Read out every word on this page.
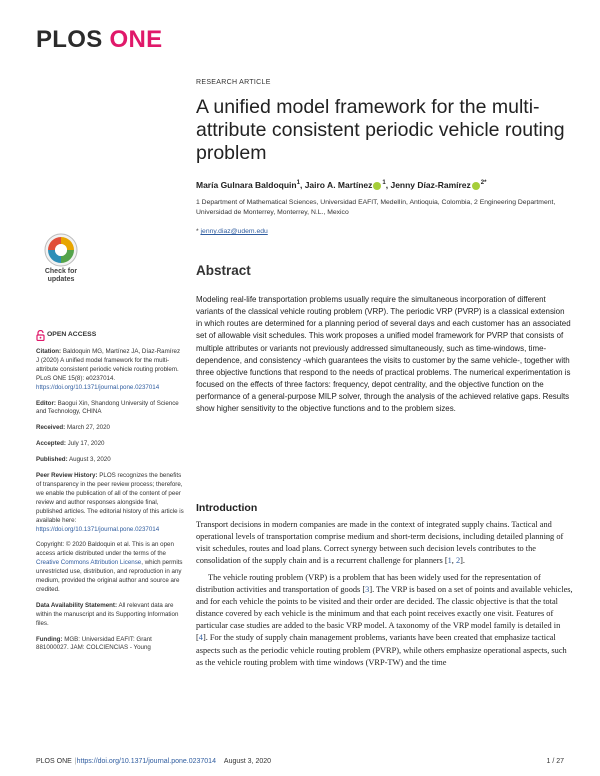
PLOS ONE
RESEARCH ARTICLE
A unified model framework for the multi-attribute consistent periodic vehicle routing problem
María Gulnara Baldoquin$^1$, Jairo A. Martínez $^1$, Jenny Díaz-Ramírez $^{2*}$
1 Department of Mathematical Sciences, Universidad EAFIT, Medellín, Antioquia, Colombia, 2 Engineering Department, Universidad de Monterrey, Monterrey, N.L., Mexico
* jenny.diaz@udem.edu
Check for
updates
OPEN ACCESS
Citation: Baldoquin MG, Martínez JA, Díaz-Ramírez J (2020) A unified model framework for the multi-attribute consistent periodic vehicle routing problem. PLoS ONE 15(8): e0237014. https://doi.org/10.1371/journal.pone.0237014
Editor: Baogui Xin, Shandong University of Science and Technology, CHINA
Received: March 27, 2020
Accepted: July 17, 2020
Published: August 3, 2020
Peer Review History: PLOS recognizes the benefits of transparency in the peer review process; therefore, we enable the publication of all of the content of peer review and author responses alongside final, published articles. The editorial history of this article is available here: https://doi.org/10.1371/journal.pone.0237014
Copyright: © 2020 Baldoquin et al. This is an open access article distributed under the terms of the Creative Commons Attribution License, which permits unrestricted use, distribution, and reproduction in any medium, provided the original author and source are credited.
Data Availability Statement: All relevant data are within the manuscript and its Supporting Information files.
Funding: MGB: Universidad EAFIT: Grant 881000027. JAM: COLCIENCIAS - Young
Abstract

Modeling real-life transportation problems usually require the simultaneous incorporation of different variants of the classical vehicle routing problem (VRP). The periodic VRP (PVRP) is a classical extension in which routes are determined for a planning period of several days and each customer has an associated set of allowable visit schedules. This work proposes a unified model framework for PVRP that consists of multiple attributes or variants not previously addressed simultaneously, such as time-windows, time-dependence, and consistency -which guarantees the visits to customer by the same vehicle-, together with three objective functions that respond to the needs of practical problems. The numerical experimentation is focused on the effects of three factors: frequency, depot centrality, and the objective function on the performance of a general-purpose MILP solver, through the analysis of the achieved relative gaps. Results show higher sensitivity to the objective functions and to the problem sizes.

Introduction

Transport decisions in modern companies are made in the context of integrated supply chains. Tactical and operational levels of transportation comprise medium and short-term decisions, including detailed planning of visit schedules, routes and load plans. Correct synergy between such decision levels contributes to the consolidation of the supply chain and is a recurrent challenge for planners [1, 2].

The vehicle routing problem (VRP) is a problem that has been widely used for the representation of distribution activities and transportation of goods [3]. The VRP is based on a set of points and available vehicles, and for each vehicle the points to be visited and their order are decided. The classic objective is that the total distance covered by each vehicle is the minimum and that each point receives exactly one visit. Features of particular case studies are added to the basic VRP model. A taxonomy of the VRP model family is detailed in [4]. For the study of supply chain management problems, variants have been created that emphasize tactical aspects such as the periodic vehicle routing problem (PVRP), while others emphasize operational aspects, such as the vehicle routing problem with time windows (VRP-TW) and the time

PLOS ONE |https://doi.org/10.1371/journal.pone.0237014 August 3, 2020	1 / 27
